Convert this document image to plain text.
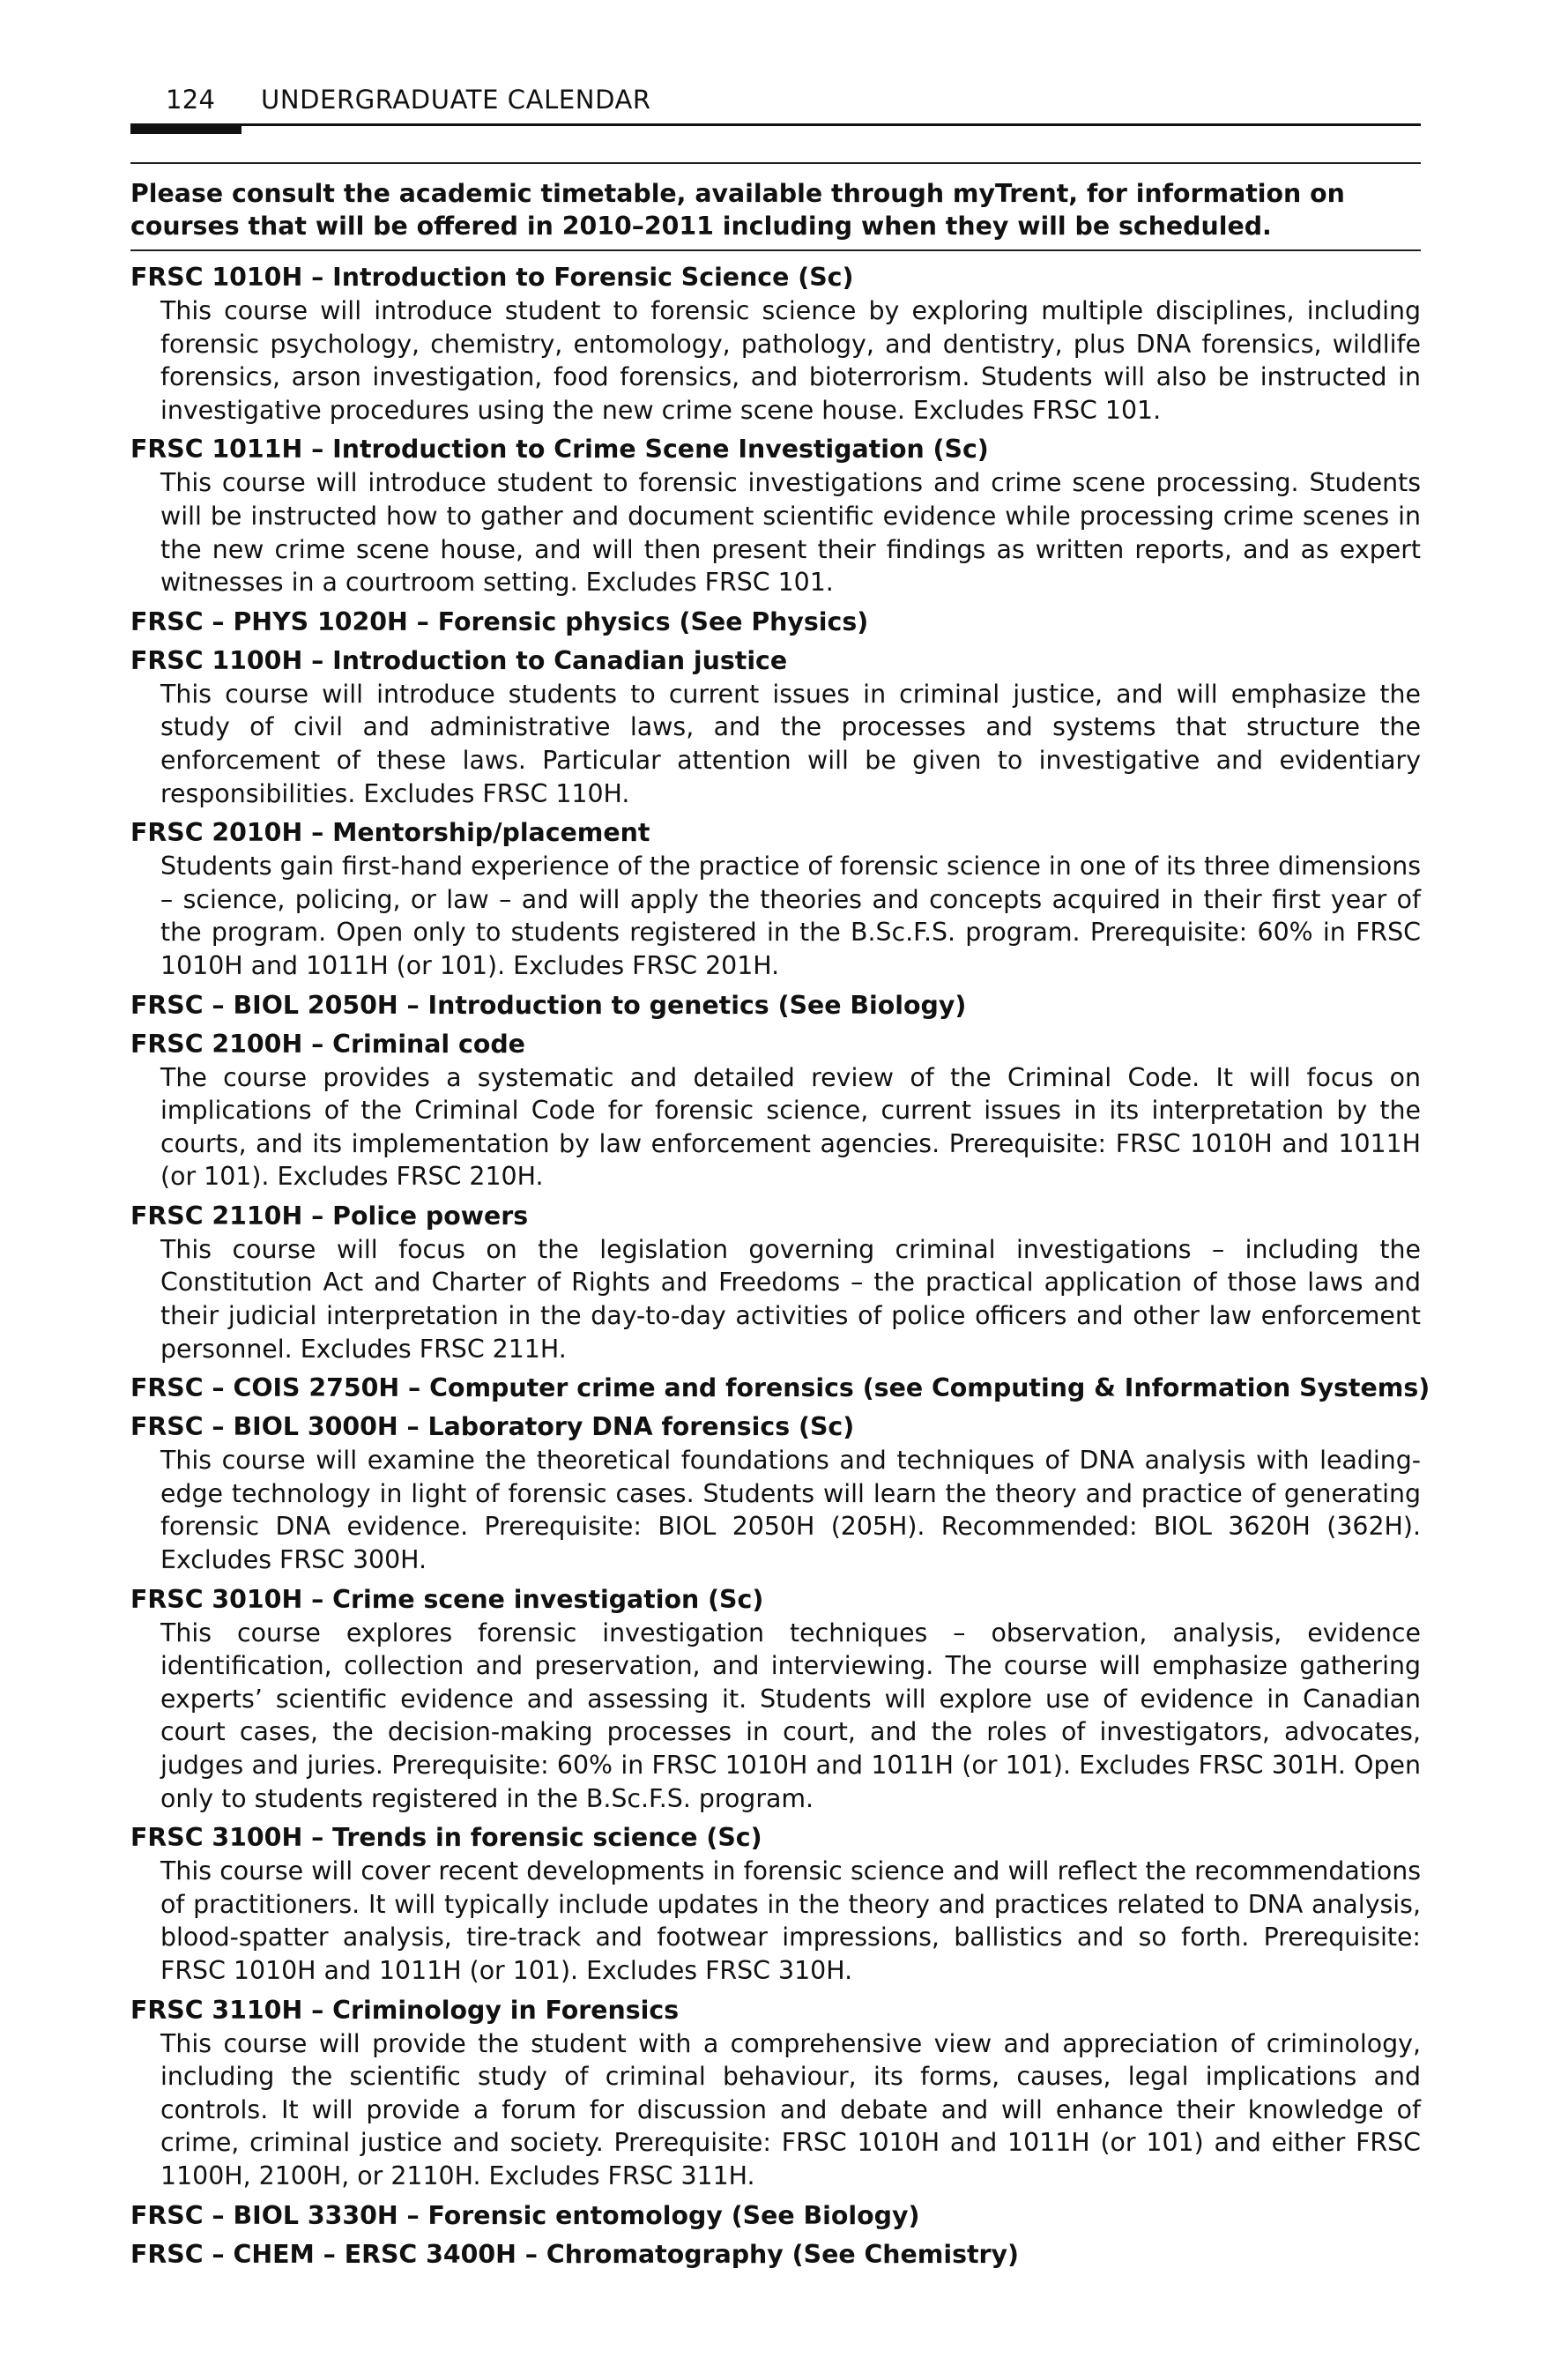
124 UNDERGRADUATE CALENDAR
Please consult the academic timetable, available through myTrent, for information on courses that will be offered in 2010–2011 including when they will be scheduled.
FRSC 1010H – Introduction to Forensic Science (Sc)
This course will introduce student to forensic science by exploring multiple disciplines, including forensic psychology, chemistry, entomology, pathology, and dentistry, plus DNA forensics, wildlife forensics, arson investigation, food forensics, and bioterrorism. Students will also be instructed in investigative procedures using the new crime scene house. Excludes FRSC 101.
FRSC 1011H – Introduction to Crime Scene Investigation (Sc)
This course will introduce student to forensic investigations and crime scene processing. Students will be instructed how to gather and document scientific evidence while processing crime scenes in the new crime scene house, and will then present their findings as written reports, and as expert witnesses in a courtroom setting. Excludes FRSC 101.
FRSC – PHYS 1020H – Forensic physics (See Physics)
FRSC 1100H – Introduction to Canadian justice
This course will introduce students to current issues in criminal justice, and will emphasize the study of civil and administrative laws, and the processes and systems that structure the enforcement of these laws. Particular attention will be given to investigative and evidentiary responsibilities. Excludes FRSC 110H.
FRSC 2010H – Mentorship/placement
Students gain first-hand experience of the practice of forensic science in one of its three dimensions – science, policing, or law – and will apply the theories and concepts acquired in their first year of the program. Open only to students registered in the B.Sc.F.S. program. Prerequisite: 60% in FRSC 1010H and 1011H (or 101). Excludes FRSC 201H.
FRSC – BIOL 2050H – Introduction to genetics (See Biology)
FRSC 2100H – Criminal code
The course provides a systematic and detailed review of the Criminal Code. It will focus on implications of the Criminal Code for forensic science, current issues in its interpretation by the courts, and its implementation by law enforcement agencies. Prerequisite: FRSC 1010H and 1011H (or 101). Excludes FRSC 210H.
FRSC 2110H – Police powers
This course will focus on the legislation governing criminal investigations – including the Constitution Act and Charter of Rights and Freedoms – the practical application of those laws and their judicial interpretation in the day-to-day activities of police officers and other law enforcement personnel. Excludes FRSC 211H.
FRSC – COIS 2750H – Computer crime and forensics (see Computing & Information Systems)
FRSC – BIOL 3000H – Laboratory DNA forensics (Sc)
This course will examine the theoretical foundations and techniques of DNA analysis with leading-edge technology in light of forensic cases. Students will learn the theory and practice of generating forensic DNA evidence. Prerequisite: BIOL 2050H (205H). Recommended: BIOL 3620H (362H). Excludes FRSC 300H.
FRSC 3010H – Crime scene investigation (Sc)
This course explores forensic investigation techniques – observation, analysis, evidence identification, collection and preservation, and interviewing. The course will emphasize gathering experts’ scientific evidence and assessing it. Students will explore use of evidence in Canadian court cases, the decision-making processes in court, and the roles of investigators, advocates, judges and juries. Prerequisite: 60% in FRSC 1010H and 1011H (or 101). Excludes FRSC 301H. Open only to students registered in the B.Sc.F.S. program.
FRSC 3100H – Trends in forensic science (Sc)
This course will cover recent developments in forensic science and will reflect the recommendations of practitioners. It will typically include updates in the theory and practices related to DNA analysis, blood-spatter analysis, tire-track and footwear impressions, ballistics and so forth. Prerequisite: FRSC 1010H and 1011H (or 101). Excludes FRSC 310H.
FRSC 3110H – Criminology in Forensics
This course will provide the student with a comprehensive view and appreciation of criminology, including the scientific study of criminal behaviour, its forms, causes, legal implications and controls. It will provide a forum for discussion and debate and will enhance their knowledge of crime, criminal justice and society. Prerequisite: FRSC 1010H and 1011H (or 101) and either FRSC 1100H, 2100H, or 2110H. Excludes FRSC 311H.
FRSC – BIOL 3330H – Forensic entomology (See Biology)
FRSC – CHEM – ERSC 3400H – Chromatography (See Chemistry)
